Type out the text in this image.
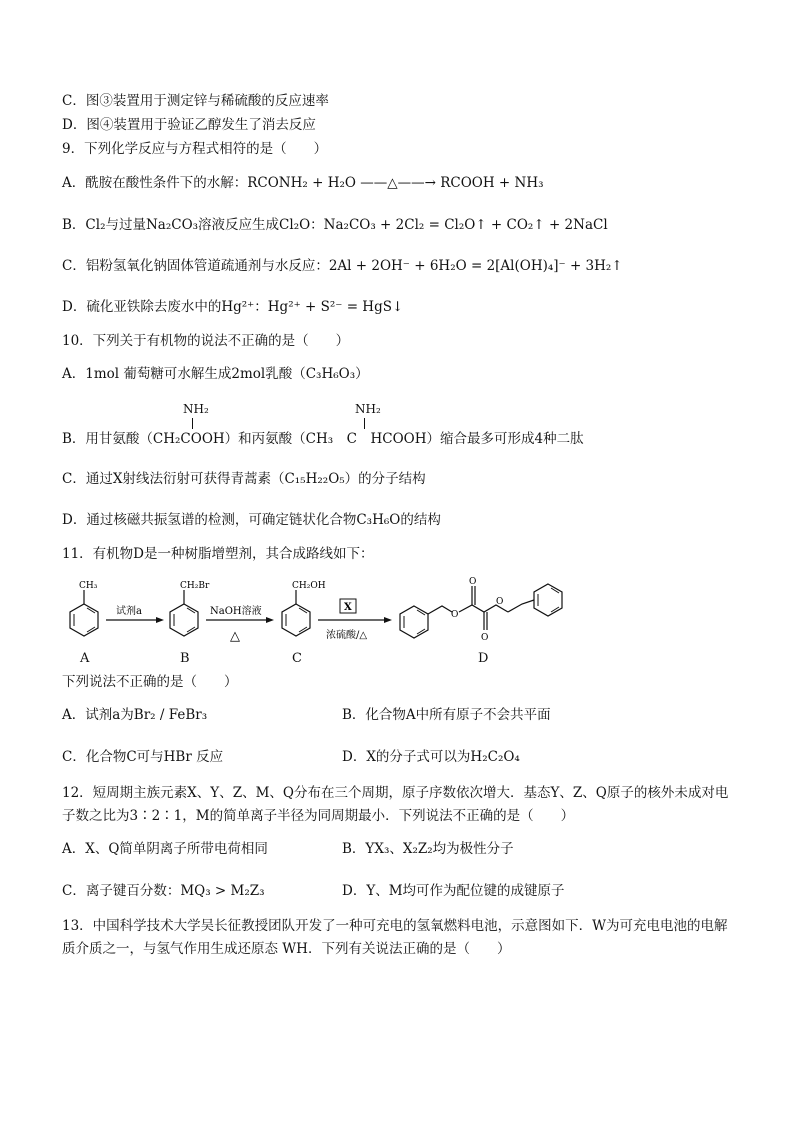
C．图③装置用于测定锌与稀硫酸的反应速率
D．图④装置用于验证乙醇发生了消去反应
9．下列化学反应与方程式相符的是（　　）
A．酰胺在酸性条件下的水解：RCONH₂ + H₂O ——△——→ RCOOH + NH₃
B．Cl₂与过量Na₂CO₃溶液反应生成Cl₂O：Na₂CO₃ + 2Cl₂ = Cl₂O↑ + CO₂↑ + 2NaCl
C．铝粉氢氧化钠固体管道疏通剂与水反应：2Al + 2OH⁻ + 6H₂O = 2[Al(OH)₄]⁻ + 3H₂↑
D．硫化亚铁除去废水中的Hg²⁺：Hg²⁺ + S²⁻ = HgS↓
10．下列关于有机物的说法不正确的是（　　）
A．1mol 葡萄糖可水解生成2mol乳酸（C₃H₆O₃）
NH₂	NH₂
B．用甘氨酸（CH₂COOH）和丙氨酸（CH₃　C　HCOOH）缩合最多可形成4种二肽
C．通过X射线法衍射可获得青蒿素（C₁₅H₂₂O₅）的分子结构
D．通过核磁共振氢谱的检测，可确定链状化合物C₃H₆O的结构
11．有机物D是一种树脂增塑剂，其合成路线如下：
CH₃
试剂a
CH₂Br
NaOH溶液
△
CH₂OH
X
浓硫酸/△
O
O
O
O
A	B	C	D
下列说法不正确的是（　　）
A．试剂a为Br₂ / FeBr₃	B．化合物A中所有原子不会共平面
C．化合物C可与HBr 反应	D．X的分子式可以为H₂C₂O₄
12．短周期主族元素X、Y、Z、M、Q分布在三个周期，原子序数依次增大．基态Y、Z、Q原子的核外未成对电子数之比为3∶2∶1，M的简单离子半径为同周期最小．下列说法不正确的是（　　）
A．X、Q简单阴离子所带电荷相同	B．YX₃、X₂Z₂均为极性分子
C．离子键百分数：MQ₃ > M₂Z₃	D．Y、M均可作为配位键的成键原子
13．中国科学技术大学吴长征教授团队开发了一种可充电的氢氧燃料电池，示意图如下．W为可充电电池的电解质介质之一，与氢气作用生成还原态 WH．下列有关说法正确的是（　　）
